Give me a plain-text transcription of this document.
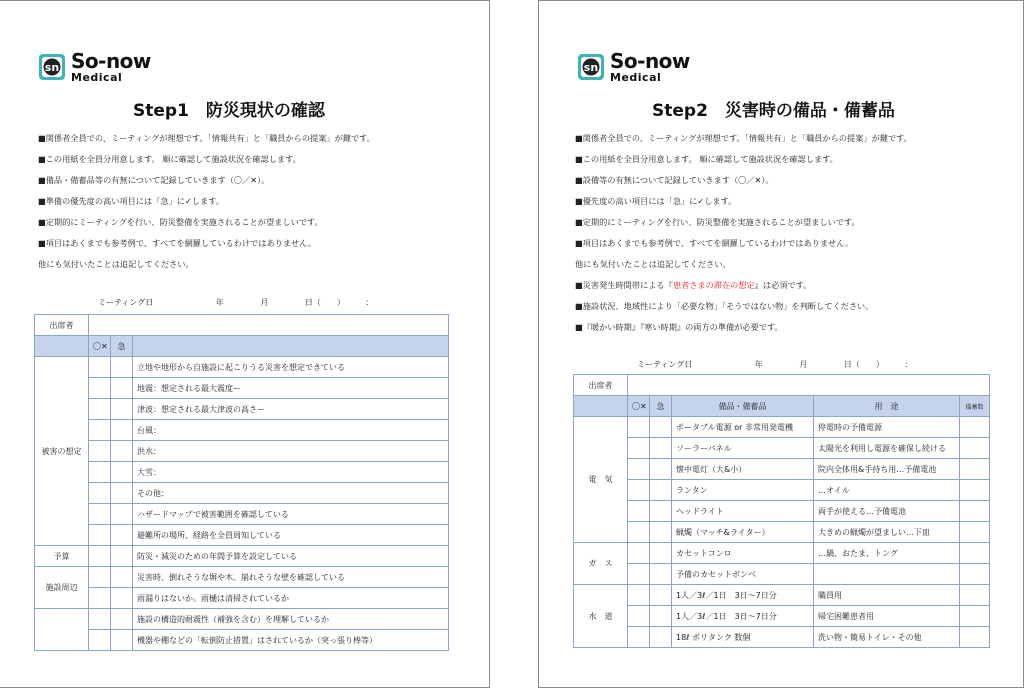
sn So-now
Medical
Step1　防災現状の確認
■関係者全員での、ミーティングが理想です。「情報共有」と「職員からの提案」が鍵です。
■この用紙を全員分用意します。 順に確認して施設状況を確認します。
■備品・備蓄品等の有無について記録していきます（〇／✕）。
■準備の優先度の高い項目には「急」に✓します。
■定期的にミーティングを行い、防災整備を実施されることが望ましいです。
■項目はあくまでも参考例で、すべてを網羅しているわけではありません。
他にも気付いたことは追記してください。
ミーティング日	年	月	日（　　）	：
出席者			
	〇✕	急	
被害の想定			立地や地形から自施設に起こりうる災害を想定できている
			地震：想定される最大震度ー
			津波：想定される最大津波の高さー
			台風：
			洪水：
			大雪：
			その他：
			ハザードマップで被害範囲を確認している
			避難所の場所、経路を全員周知している
予算			防災・減災のための年間予算を設定している
施設周辺			災害時、倒れそうな塀や木、崩れそうな壁を確認している
			雨漏りはないか。雨樋は清掃されているか
			施設の構造的耐震性（補強を含む）を理解しているか
			機器や棚などの「転倒防止措置」はされているか（突っ張り棒等）
sn So-now
Medical
Step2　災害時の備品・備蓄品
■関係者全員での、ミーティングが理想です。「情報共有」と「職員からの提案」が鍵です。
■この用紙を全員分用意します。 順に確認して施設状況を確認します。
■設備等の有無について記録していきます（〇／✕）。
■優先度の高い項目には「急」に✓します。
■定期的にミーティングを行い、防災整備を実施されることが望ましいです。
■項目はあくまでも参考例で、すべてを網羅しているわけではありません。
他にも気付いたことは追記してください。
■災害発生時間帯による『患者さまの滞在の想定』は必須です。
■施設状況、地域性により「必要な物」「そうではない物」を判断してください。
■『暖かい時期』『寒い時期』の両方の準備が必要です。
ミーティング日	年	月	日（　　）	：
出席者					
	〇✕	急	備品・備蓄品	用　途	備蓄数
電　気			ポータブル電源 or 非常用発電機	停電時の予備電源	
			ソーラーパネル	太陽光を利用し電源を確保し続ける	
			懐中電灯（大&小）	院内全体用&手持ち用…予備電池	
			ランタン	…オイル	
			ヘッドライト	両手が使える…予備電池	
			蝋燭（マッチ&ライター）	大きめの蝋燭が望ましい…下皿	
ガ　ス			カセットコンロ	…鍋、おたま、トング	
			予備のカセットボンベ		
水　道			1人／3ℓ／1日　3日〜7日分	職員用	
			1人／3ℓ／1日　3日〜7日分	帰宅困難患者用	
			18ℓ ポリタンク 数個	洗い物・簡易トイレ・その他	
